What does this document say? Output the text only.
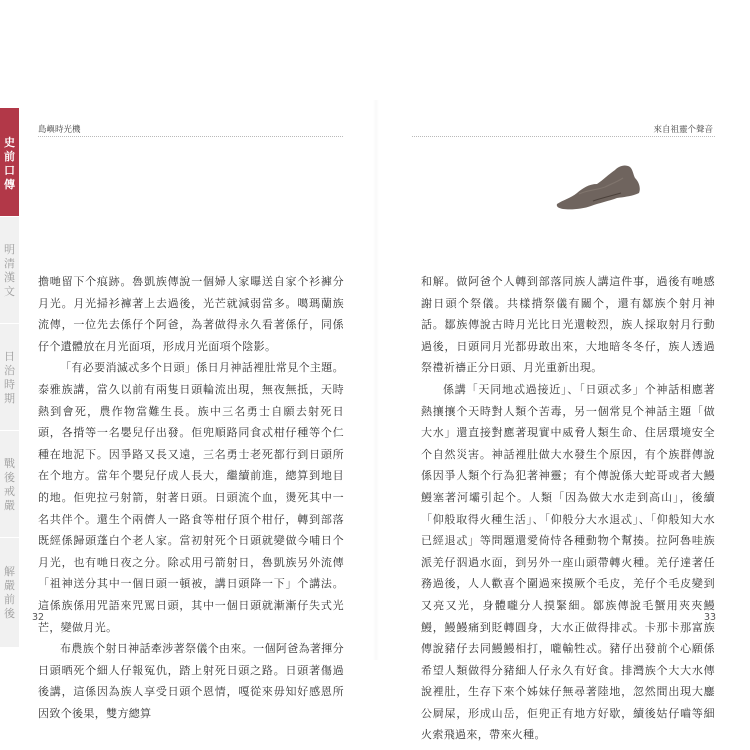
史
前
口
傳
明
清
漢
文
日
治
時
期
戰
後
戒
嚴
解
嚴
前
後
島嶼時光機	來自祖靈个聲音

擔哋留下个痕跡。魯凱族傳說一個婦人家曝送自家个衫褲分月光。月光掃衫褲著上去過後，光芒就減弱當多。噶瑪蘭族流傳，一位先去係仔个阿爸，為著做得永久看著係仔，同係仔个遺體放在月光面項，形成月光面項个陰影。

「有必要消滅忒多个日頭」係日月神話裡肚常見个主題。泰雅族講，當久以前有兩隻日頭輪流出現，無夜無抵，天時熱到會死，農作物當難生長。族中三名勇士自願去射死日頭，各揹等一名嬰兒仔出發。佢兜順路同食忒柑仔種等个仁種在地泥下。因爭路又長又遠，三名勇士老死都行到日頭所在个地方。當年个嬰兒仔成人長大，繼續前進，總算到地目的地。佢兜拉弓射箭，射著日頭。日頭流个血，燙死其中一名共伴个。還生个兩儕人一路食等柑仔頂个柑仔，轉到部落既經係歸頭蓬白个老人家。當初射死个日頭就變做今哺日个月光，也有哋日夜之分。除忒用弓箭射日，魯凱族另外流傳「祖神送分其中一個日頭一頓被，講日頭降一下」个講法。這係族係用咒語來咒罵日頭，其中一個日頭就漸漸仔失式光芒，變做月光。

布農族个射日神話牽涉著祭儀个由來。一個阿爸為著揮分日頭晒死个細人仔報冤仇，踏上射死日頭之路。日頭著傷過後講，這係因為族人享受日頭个恩情，嘎從來毋知好感恩所因致个後果，雙方總算

和解。做阿爸个人轉到部落同族人講這件事，過後有哋感謝日頭个祭儀。共樣揹祭儀有關个，還有鄒族个射月神話。鄒族傳說古時月光比日光還較烈，族人採取射月行動過後，日頭同月光都毋敢出來，大地暗冬冬仔，族人透過祭禮祈禱正分日頭、月光重新出現。

係講「天同地忒過接近」、「日頭忒多」个神話相應著熱攘攘个天時對人類个苦毒，另一個常見个神話主題「做大水」還直接對應著現實中威脅人類生命、住居環境安全个自然災害。神話裡肚做大水發生个原因，有个族群傳說係因爭人類个行為犯著神靈；有个傳說係大蛇哥或者大鰻鰻塞著河壩引起个。人類「因為做大水走到高山」，後續「仰般取得火種生活」、「仰般分大水退忒」、「仰般知大水已經退忒」等問題還愛倚恃各種動物个幫揍。拉阿魯哇族派羌仔泅過水面，到另外一座山頭帶轉火種。羌仔達著任務過後，人人歡喜个圍過來摸厥个毛皮，羌仔个毛皮變到又亮又光，身體嚨分人摸緊細。鄒族傳說毛蟹用夾夾鰻鰻，鰻鰻痛到貶轉圓身，大水正做得排忒。卡那卡那富族傳說豬仔去同鰻鰻相打，嚨輸牲忒。豬仔出發前个心願係希望人類做得分豬細人仔永久有好食。排灣族个大大水傳說裡肚，生存下來个姊妹仔無尋著陸地，忽然間出現大鏖公屙屎，形成山岳，佢兜正有地方好歇，續後姑仔嚙等細火索飛過來，帶來火種。

32	33
